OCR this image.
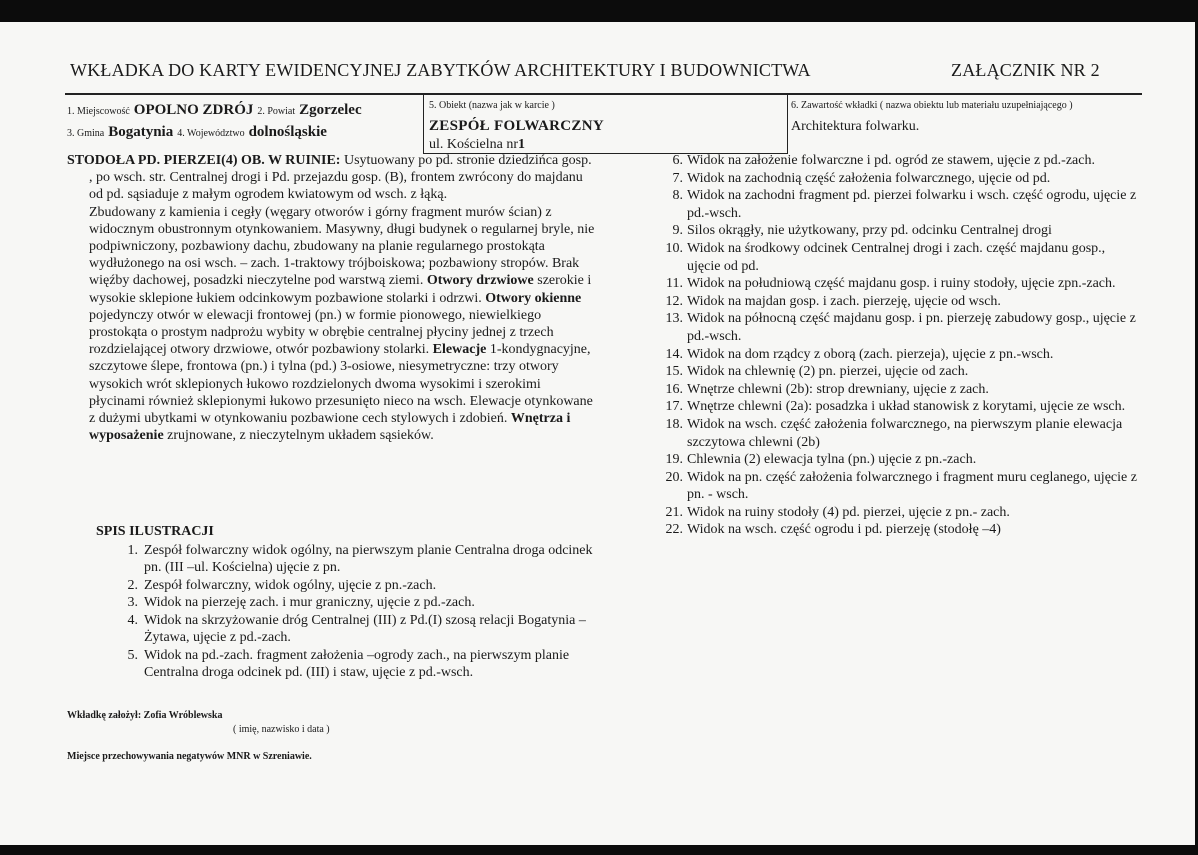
WKŁADKA DO KARTY EWIDENCYJNEJ ZABYTKÓW ARCHITEKTURY I BUDOWNICTWA	ZAŁĄCZNIK NR 2
1. Miejscowość OPOLNO ZDRÓJ 2. Powiat Zgorzelec
3. Gmina Bogatynia 4. Województwo dolnośląskie
5. Obiekt (nazwa jak w karcie )
ZESPÓŁ FOLWARCZNY
ul. Kościelna nr1
6. Zawartość wkładki ( nazwa obiektu lub materiału uzupełniającego )
Architektura folwarku.

STODOŁA PD. PIERZEI(4) OB. W RUINIE: Usytuowany po pd. stronie dziedzińca gosp. , po wsch. str. Centralnej drogi i Pd. przejazdu gosp. (B), frontem zwrócony do majdanu od pd. sąsiaduje z małym ogrodem kwiatowym od wsch. z łąką.

Zbudowany z kamienia i cegły (węgary otworów i górny fragment murów ścian) z widocznym obustronnym otynkowaniem. Masywny, długi budynek o regularnej bryle, nie podpiwniczony, pozbawiony dachu, zbudowany na planie regularnego prostokąta wydłużonego na osi wsch. – zach. 1-traktowy trójboiskowa; pozbawiony stropów. Brak więźby dachowej, posadzki nieczytelne pod warstwą ziemi. Otwory drzwiowe szerokie i wysokie sklepione łukiem odcinkowym pozbawione stolarki i odrzwi. Otwory okienne pojedynczy otwór w elewacji frontowej (pn.) w formie pionowego, niewielkiego prostokąta o prostym nadprożu wybity w obrębie centralnej płyciny jednej z trzech rozdzielającej otwory drzwiowe, otwór pozbawiony stolarki. Elewacje 1-kondygnacyjne, szczytowe ślepe, frontowa (pn.) i tylna (pd.) 3-osiowe, niesymetryczne: trzy otwory wysokich wrót sklepionych łukowo rozdzielonych dwoma wysokimi i szerokimi płycinami również sklepionymi łukowo przesunięto nieco na wsch. Elewacje otynkowane z dużymi ubytkami w otynkowaniu pozbawione cech stylowych i zdobień. Wnętrza i wyposażenie zrujnowane, z nieczytelnym układem sąsieków.

SPIS ILUSTRACJI
1. Zespół folwarczny widok ogólny, na pierwszym planie Centralna droga odcinek pn. (III –ul. Kościelna) ujęcie z pn.
2. Zespół folwarczny, widok ogólny, ujęcie z pn.-zach.
3. Widok na pierzeję zach. i mur graniczny, ujęcie z pd.-zach.
4. Widok na skrzyżowanie dróg Centralnej (III) z Pd.(I) szosą relacji Bogatynia – Żytawa, ujęcie z pd.-zach.
5. Widok na pd.-zach. fragment założenia –ogrody zach., na pierwszym planie Centralna droga odcinek pd. (III) i staw, ujęcie z pd.-wsch.
6. Widok na założenie folwarczne i pd. ogród ze stawem, ujęcie z pd.-zach.
7. Widok na zachodnią część założenia folwarcznego, ujęcie od pd.
8. Widok na zachodni fragment pd. pierzei folwarku i wsch. część ogrodu, ujęcie z pd.-wsch.
9. Silos okrągły, nie użytkowany, przy pd. odcinku Centralnej drogi
10. Widok na środkowy odcinek Centralnej drogi i zach. część majdanu gosp., ujęcie od pd.
11. Widok na południową część majdanu gosp. i ruiny stodoły, ujęcie zpn.-zach.
12. Widok na majdan gosp. i zach. pierzeję, ujęcie od wsch.
13. Widok na północną część majdanu gosp. i pn. pierzeję zabudowy gosp., ujęcie z pd.-wsch.
14. Widok na dom rządcy z oborą (zach. pierzeja), ujęcie z pn.-wsch.
15. Widok na chlewnię (2) pn. pierzei, ujęcie od zach.
16. Wnętrze chlewni (2b): strop drewniany, ujęcie z zach.
17. Wnętrze chlewni (2a): posadzka i układ stanowisk z korytami, ujęcie ze wsch.
18. Widok na wsch. część założenia folwarcznego, na pierwszym planie elewacja szczytowa chlewni (2b)
19. Chlewnia (2) elewacja tylna (pn.) ujęcie z pn.-zach.
20. Widok na pn. część założenia folwarcznego i fragment muru ceglanego, ujęcie z pn. - wsch.
21. Widok na ruiny stodoły (4) pd. pierzei, ujęcie z pn.- zach.
22. Widok na wsch. część ogrodu i pd. pierzeję (stodołę –4)
Wkładkę założył: Zofia Wróblewska
( imię, nazwisko i data )
Miejsce przechowywania negatywów MNR w Szreniawie.
